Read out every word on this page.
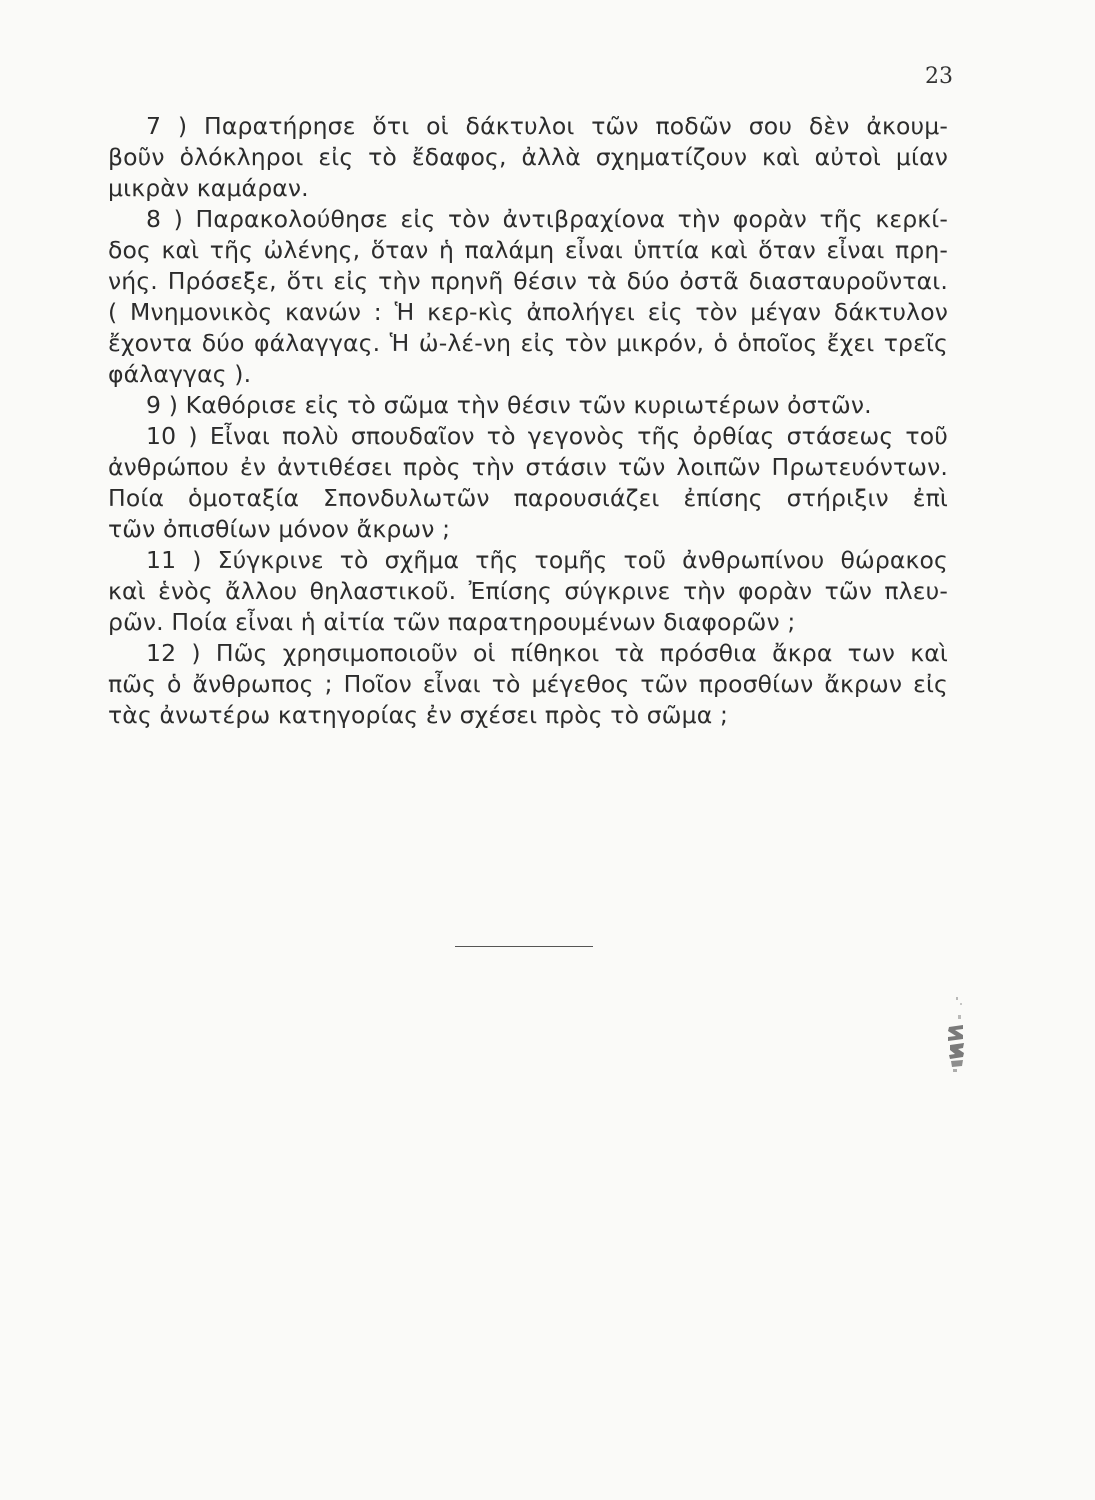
23
7 ) Παρατήρησε ὅτι οἱ δάκτυλοι τῶν ποδῶν σου δὲν ἀκουμ-
βοῦν ὁλόκληροι εἰς τὸ ἔδαφος, ἀλλὰ σχηματίζουν καὶ αὐτοὶ μίαν
μικρὰν καμάραν.
8 ) Παρακολούθησε εἰς τὸν ἀντιβραχίονα τὴν φορὰν τῆς κερκί-
δος καὶ τῆς ὠλένης, ὅταν ἡ παλάμη εἶναι ὑπτία καὶ ὅταν εἶναι πρη-
νής. Πρόσεξε, ὅτι εἰς τὴν πρηνῆ θέσιν τὰ δύο ὀστᾶ διασταυροῦνται.
( Μνημονικὸς κανών : Ἡ κερ-κὶς ἀπολήγει εἰς τὸν μέγαν δάκτυλον
ἔχοντα δύο φάλαγγας. Ἡ ὠ-λέ-νη εἰς τὸν μικρόν, ὁ ὁποῖος ἔχει τρεῖς
φάλαγγας ).
9 ) Καθόρισε εἰς τὸ σῶμα τὴν θέσιν τῶν κυριωτέρων ὀστῶν.
10 ) Εἶναι πολὺ σπουδαῖον τὸ γεγονὸς τῆς ὀρθίας στάσεως τοῦ
ἀνθρώπου ἐν ἀντιθέσει πρὸς τὴν στάσιν τῶν λοιπῶν Πρωτευόντων.
Ποία ὁμοταξία Σπονδυλωτῶν παρουσιάζει ἐπίσης στήριξιν ἐπὶ
τῶν ὀπισθίων μόνον ἄκρων ;
11 ) Σύγκρινε τὸ σχῆμα τῆς τομῆς τοῦ ἀνθρωπίνου θώρακος
καὶ ἑνὸς ἄλλου θηλαστικοῦ. Ἐπίσης σύγκρινε τὴν φορὰν τῶν πλευ-
ρῶν. Ποία εἶναι ἡ αἰτία τῶν παρατηρουμένων διαφορῶν ;
12 ) Πῶς χρησιμοποιοῦν οἱ πίθηκοι τὰ πρόσθια ἄκρα των καὶ
πῶς ὁ ἄνθρωπος ; Ποῖον εἶναι τὸ μέγεθος τῶν προσθίων ἄκρων εἰς
τὰς ἀνωτέρω κατηγορίας ἐν σχέσει πρὸς τὸ σῶμα ;
